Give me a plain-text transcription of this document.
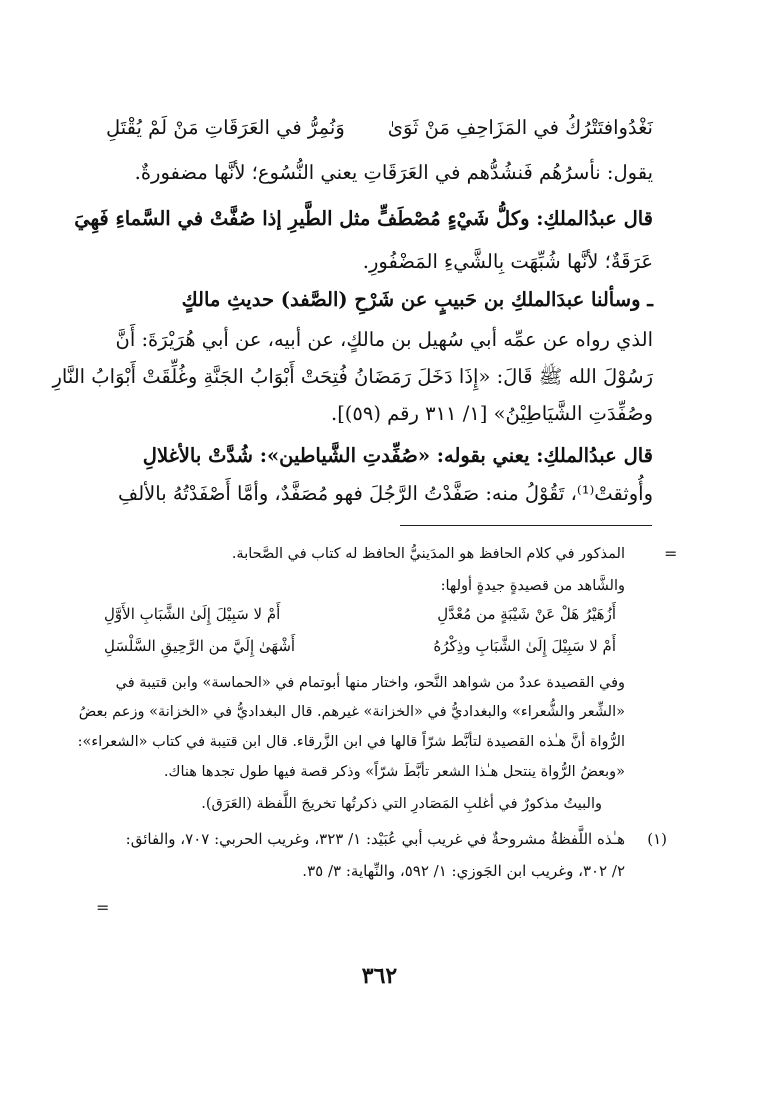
نَغْدُوافتَتْرُكُ في المَزَاحِفِ مَنْ ثَوَىٰ
وَنُمِرُّ في العَرَقَاتِ مَنْ لَمْ يُقْتَلِ
يقول: نأسرُهُم فَنشُدُّهم في العَرَقَاتِ يعني النُّسُوع؛ لأنَّها مضفورةٌ.
قال عبدُالملكِ: وكلُّ شَيْءٍ مُصْطَفٍّ مثل الطَّيرِ إذا صُفَّتْ في السَّماءِ فَهِيَ
عَرَقَةٌ؛ لأنَّها شُبِّهَت بِالشَّيءِ المَضْفُورِ.
ـ وسألنا عبدَالملكِ بن حَبيبٍ عن شَرْحِ (الصَّفد) حديثِ مالكٍ
الذي رواه عن عمِّه أبي سُهيل بن مالكٍ، عن أبيه، عن أبي هُرَيْرَةَ: أَنَّ
رَسُوْلَ الله ﷺ قَالَ: «إِذَا دَخَلَ رَمَضَانُ فُتِحَتْ أَبْوَابُ الجَنَّةِ وغُلِّقَتْ أَبْوَابُ النَّارِ
وصُفِّدَتِ الشَّيَاطِيْنُ» [١/ ٣١١ رقم (٥٩)].
قال عبدُالملكِ: يعني بقوله: «صُفِّدتِ الشَّياطين»: شُدَّتْ بالأغلالِ
وأُوثقتْ⁽¹⁾، تَقُوْلُ منه: صَفَّدْتُ الرَّجُلَ فهو مُصَفَّدٌ، وأمَّا أَصْفَدْتُهُ بالألفِ
=
المذكور في كلام الحافظ هو المدَينيُّ الحافظ له كتاب في الصَّحابة.
والشَّاهد من قصيدةٍ جيدةٍ أولها:
أَزُهَيْرُ هَلْ عَنْ شَيْبَةٍ من مُعْدَّلِ
أَمْ لا سَبِيْلَ إِلَىٰ الشَّبَابِ الأَوَّلِ
أَمْ لا سَبِيْلَ إِلَىٰ الشَّبَابِ وذِكْرُهُ
أَشْهَىٰ إِلَيَّ من الرَّحِيقِ السَّلْسَلِ
وفي القصيدة عددٌ من شواهد النَّحو، واختار منها أبوتمام في «الحماسة» وابن قتيبة في
«الشِّعر والشُّعراء» والبغداديُّ في «الخزانة» غيرهم. قال البغداديُّ في «الخزانة» وزعم بعضُ
الرُّواة أنَّ هـٰذه القصيدة لتأبَّط شرّاً قالها في ابن الزَّرقاء. قال ابن قتيبة في كتاب «الشعراء»:
«وبعضُ الرُّواة ينتحل هـٰذا الشعر تأبَّطَ شرّاً» وذكر قصة فيها طول تجدها هناك.
والبيتُ مذكورٌ في أغلبِ المَصَادرِ التي ذكرتُها تخريجَ اللَّفظة (العَرَق).
(١)
هـٰذه اللَّفظةُ مشروحةٌ في غريب أبي عُبَيْد: ١/ ٣٢٣، وغريب الحربي: ٧٠٧، والفائق:
٢/ ٣٠٢، وغريب ابن الجَوزي: ١/ ٥٩٢، والنِّهاية: ٣/ ٣٥.
=
٣٦٢
